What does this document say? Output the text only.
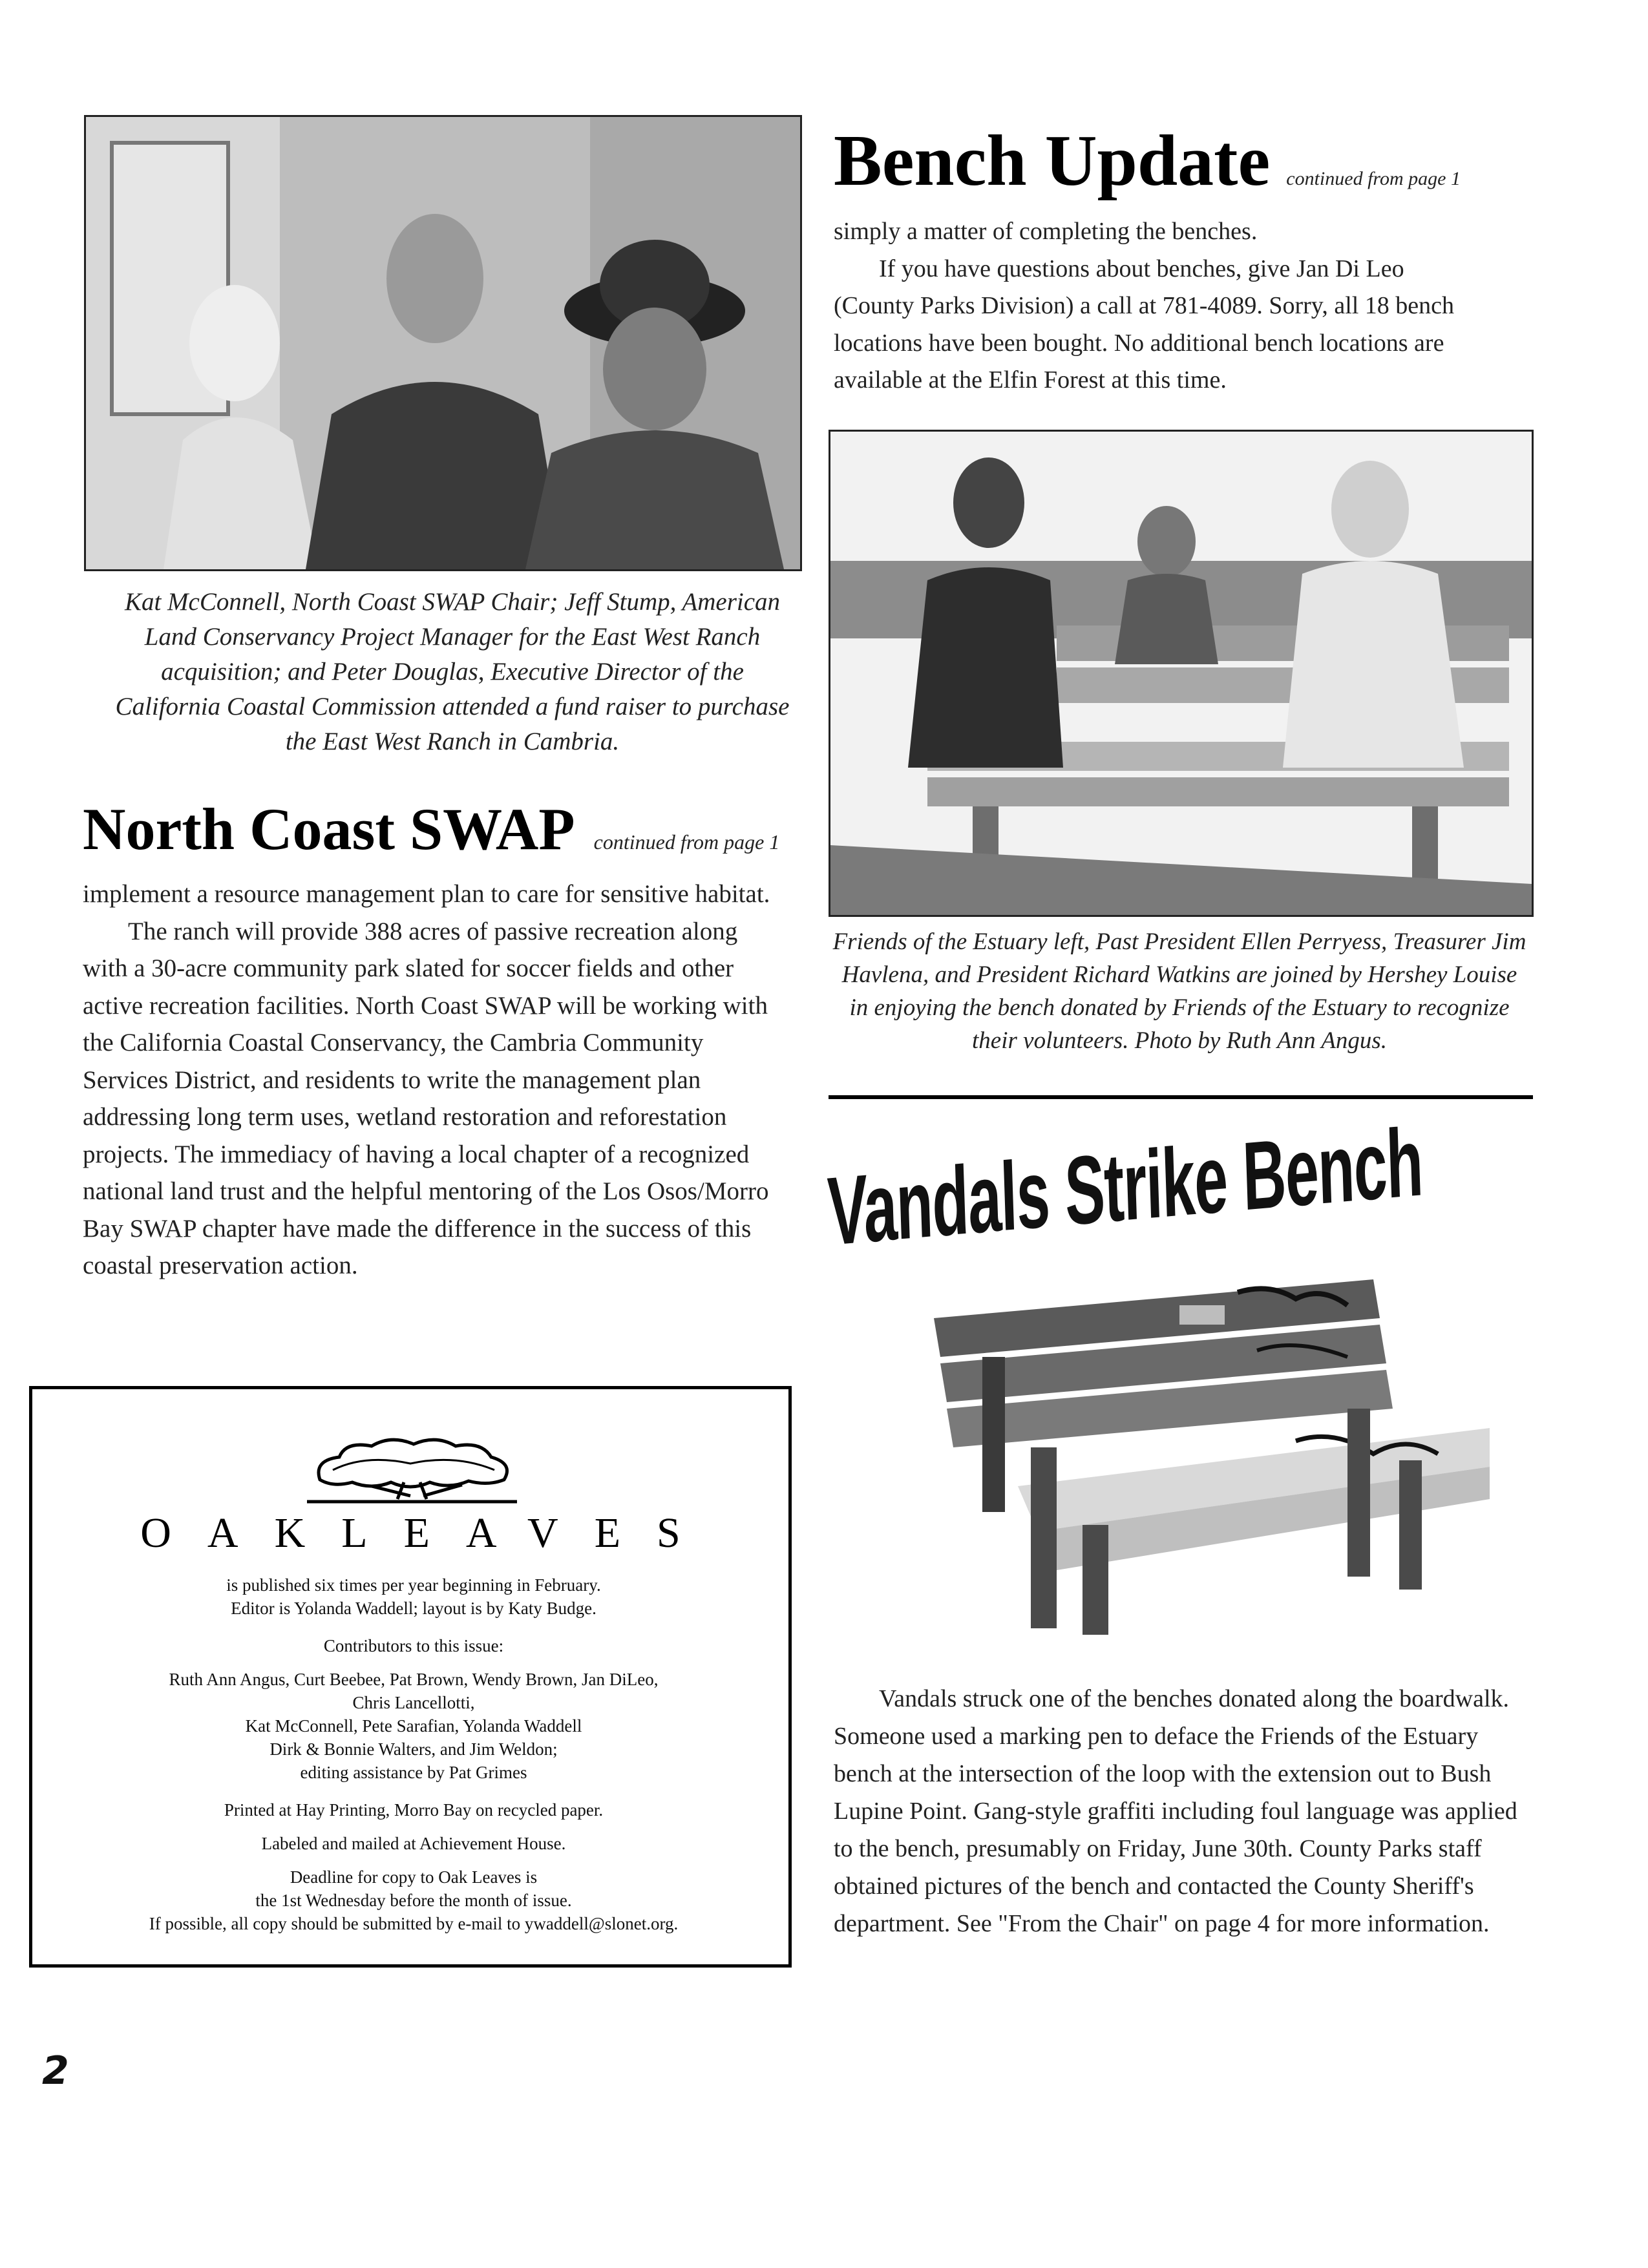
Kat McConnell, North Coast SWAP Chair; Jeff Stump, American Land Conservancy Project Manager for the East West Ranch acquisition; and Peter Douglas, Executive Director of the California Coastal Commission attended a fund raiser to purchase the East West Ranch in Cambria.
North Coast SWAP continued from page 1

implement a resource management plan to care for sensitive habitat.

The ranch will provide 388 acres of passive recreation along with a 30-acre community park slated for soccer fields and other active recreation facilities. North Coast SWAP will be working with the California Coastal Conservancy, the Cambria Community Services District, and residents to write the management plan addressing long term uses, wetland restoration and reforestation projects. The immediacy of having a local chapter of a recognized national land trust and the helpful mentoring of the Los Osos/Morro Bay SWAP chapter have made the difference in the success of this coastal preservation action.

OAKLEAVES

is published six times per year beginning in February.

Editor is Yolanda Waddell; layout is by Katy Budge.

Contributors to this issue:

Ruth Ann Angus, Curt Beebee, Pat Brown, Wendy Brown, Jan DiLeo,

Chris Lancellotti,

Kat McConnell, Pete Sarafian, Yolanda Waddell

Dirk & Bonnie Walters, and Jim Weldon;

editing assistance by Pat Grimes

Printed at Hay Printing, Morro Bay on recycled paper.

Labeled and mailed at Achievement House.

Deadline for copy to Oak Leaves is

the 1st Wednesday before the month of issue.

If possible, all copy should be submitted by e-mail to ywaddell@slonet.org.

2
Bench Update continued from page 1

simply a matter of completing the benches.

If you have questions about benches, give Jan Di Leo (County Parks Division) a call at 781-4089. Sorry, all 18 bench locations have been bought. No additional bench locations are available at the Elfin Forest at this time.

Friends of the Estuary left, Past President Ellen Perryess, Treasurer Jim Havlena, and President Richard Watkins are joined by Hershey Louise in enjoying the bench donated by Friends of the Estuary to recognize their volunteers. Photo by Ruth Ann Angus.
Vandals Strike Bench

Vandals struck one of the benches donated along the boardwalk. Someone used a marking pen to deface the Friends of the Estuary bench at the intersection of the loop with the extension out to Bush Lupine Point. Gang-style graffiti including foul language was applied to the bench, presumably on Friday, June 30th. County Parks staff obtained pictures of the bench and contacted the County Sheriff's department. See "From the Chair" on page 4 for more information.
